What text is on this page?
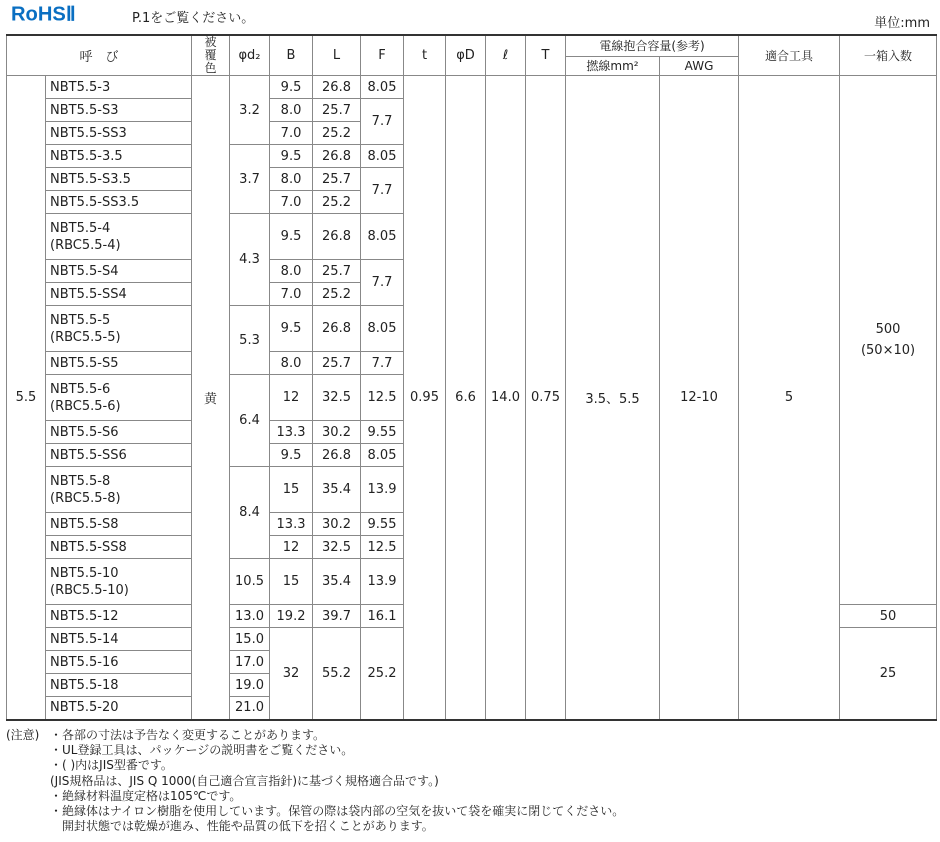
RoHSⅡ	P.1をご覧ください。	単位:mm
呼　び		被覆色	φd₂	B	L	F	t	φD	ℓ	T	電線抱合容量(参考)		適合工具	一箱入数
											撚線mm²	AWG		
5.5	NBT5.5-3	黄	3.2	9.5	26.8	8.05	0.95	6.6	14.0	0.75	3.5、5.5	12-10	5	500
(50×10)
	NBT5.5-S3			8.0	25.7	7.7								
	NBT5.5-SS3			7.0	25.2									
	NBT5.5-3.5		3.7	9.5	26.8	8.05								
	NBT5.5-S3.5			8.0	25.7	7.7								
	NBT5.5-SS3.5			7.0	25.2									
	NBT5.5-4
(RBC5.5-4)		4.3	9.5	26.8	8.05								
	NBT5.5-S4			8.0	25.7	7.7								
	NBT5.5-SS4			7.0	25.2									
	NBT5.5-5
(RBC5.5-5)		5.3	9.5	26.8	8.05								
	NBT5.5-S5			8.0	25.7	7.7								
	NBT5.5-6
(RBC5.5-6)		6.4	12	32.5	12.5								
	NBT5.5-S6			13.3	30.2	9.55								
	NBT5.5-SS6			9.5	26.8	8.05								
	NBT5.5-8
(RBC5.5-8)		8.4	15	35.4	13.9								
	NBT5.5-S8			13.3	30.2	9.55								
	NBT5.5-SS8			12	32.5	12.5								
	NBT5.5-10
(RBC5.5-10)		10.5	15	35.4	13.9								
	NBT5.5-12		13.0	19.2	39.7	16.1								50
	NBT5.5-14		15.0	32	55.2	25.2								25
	NBT5.5-16		17.0											
	NBT5.5-18		19.0											
	NBT5.5-20		21.0											
(注意) ・各部の寸法は予告なく変更することがあります。
・UL登録工具は、パッケージの説明書をご覧ください。
・( )内はJIS型番です。
(JIS規格品は、JIS Q 1000(自己適合宣言指針)に基づく規格適合品です。)
・絶縁材料温度定格は105℃です。
・絶縁体はナイロン樹脂を使用しています。保管の際は袋内部の空気を抜いて袋を確実に閉じてください。
　開封状態では乾燥が進み、性能や品質の低下を招くことがあります。
